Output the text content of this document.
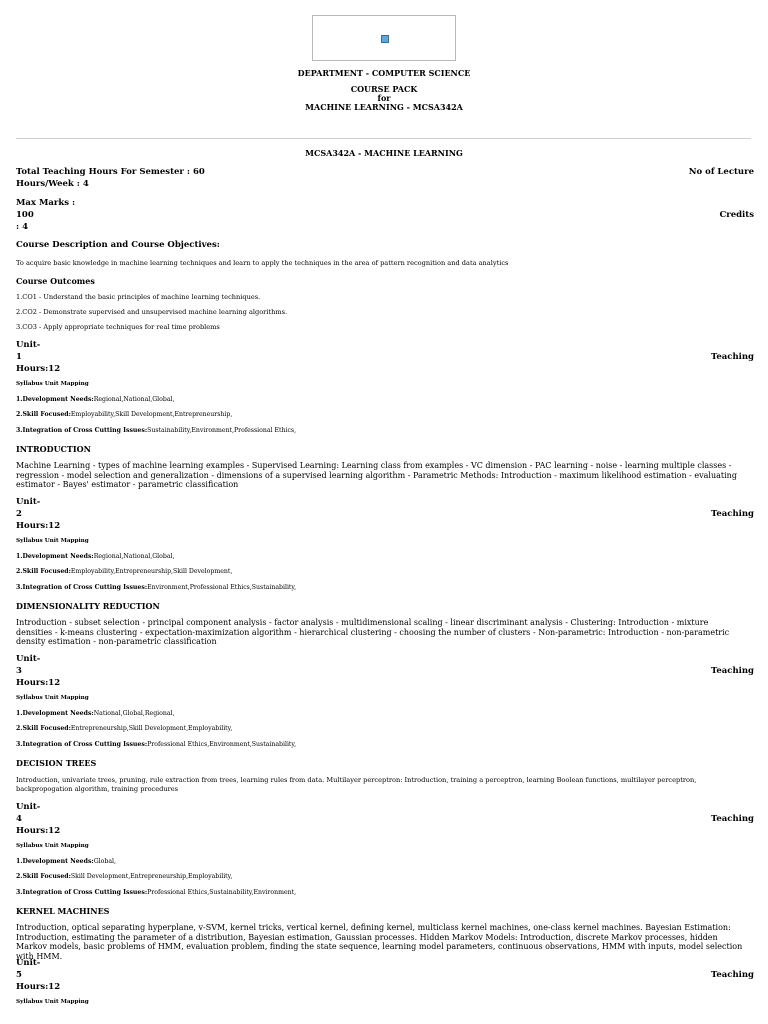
DEPARTMENT - COMPUTER SCIENCE
COURSE PACK
for
MACHINE LEARNING - MCSA342A
MCSA342A - MACHINE LEARNING
Total Teaching Hours For Semester : 60	No of Lecture
Hours/Week : 4
Max Marks :
100	Credits
: 4
Course Description and Course Objectives:
To acquire basic knowledge in machine learning techniques and learn to apply the techniques in the area of pattern recognition and data analytics
Course Outcomes
1.CO1 - Understand the basic principles of machine learning techniques.
2.CO2 - Demonstrate supervised and unsupervised machine learning algorithms.
3.CO3 - Apply appropriate techniques for real time problems
Unit-
1	Teaching
Hours:12
Syllabus Unit Mapping
1.Development Needs:Regional,National,Global,
2.Skill Focused:Employability,Skill Development,Entrepreneurship,
3.Integration of Cross Cutting Issues:Sustainability,Environment,Professional Ethics,
INTRODUCTION
Machine Learning - types of machine learning examples - Supervised Learning: Learning class from examples - VC dimension - PAC learning - noise - learning multiple classes - regression - model selection and generalization - dimensions of a supervised learning algorithm - Parametric Methods: Introduction - maximum likelihood estimation - evaluating estimator - Bayes' estimator - parametric classification
Unit-
2	Teaching
Hours:12
Syllabus Unit Mapping
1.Development Needs:Regional,National,Global,
2.Skill Focused:Employability,Entrepreneurship,Skill Development,
3.Integration of Cross Cutting Issues:Environment,Professional Ethics,Sustainability,
DIMENSIONALITY REDUCTION
Introduction - subset selection - principal component analysis - factor analysis - multidimensional scaling - linear discriminant analysis - Clustering: Introduction - mixture densities - k-means clustering - expectation-maximization algorithm - hierarchical clustering - choosing the number of clusters - Non-parametric: Introduction - non-parametric density estimation - non-parametric classification
Unit-
3	Teaching
Hours:12
Syllabus Unit Mapping
1.Development Needs:National,Global,Regional,
2.Skill Focused:Entrepreneurship,Skill Development,Employability,
3.Integration of Cross Cutting Issues:Professional Ethics,Environment,Sustainability,
DECISION TREES
Introduction, univariate trees, pruning, rule extraction from trees, learning rules from data. Multilayer perceptron: Introduction, training a perceptron, learning Boolean functions, multilayer perceptron, backpropogation algorithm, training procedures
Unit-
4	Teaching
Hours:12
Syllabus Unit Mapping
1.Development Needs:Global,
2.Skill Focused:Skill Development,Entrepreneurship,Employability,
3.Integration of Cross Cutting Issues:Professional Ethics,Sustainability,Environment,
KERNEL MACHINES
Introduction, optical separating hyperplane, v-SVM, kernel tricks, vertical kernel, defining kernel, multiclass kernel machines, one-class kernel machines. Bayesian Estimation: Introduction, estimating the parameter of a distribution, Bayesian estimation, Gaussian processes. Hidden Markov Models: Introduction, discrete Markov processes, hidden Markov models, basic problems of HMM, evaluation problem, finding the state sequence, learning model parameters, continuous observations, HMM with inputs, model selection with HMM.
Unit-
5	Teaching
Hours:12
Syllabus Unit Mapping
